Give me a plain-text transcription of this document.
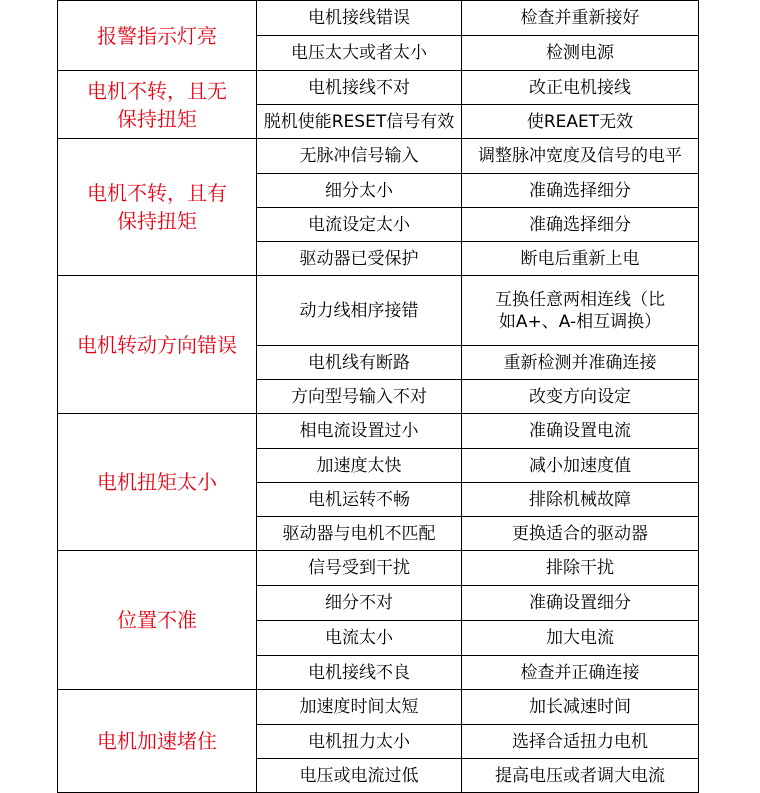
报警指示灯亮	电机接线错误	检查并重新接好
	电压太大或者太小	检测电源

电机不转，且无
保持扭矩	电机接线不对	改正电机接线
	脱机使能RESET信号有效	使REAET无效

电机不转，且有
保持扭矩	无脉冲信号输入	调整脉冲宽度及信号的电平
	细分太小	准确选择细分
	电流设定太小	准确选择细分
	驱动器已受保护	断电后重新上电
电机转动方向错误	动力线相序接错	互换任意两相连线（比
如A+、A-相互调换）

	电机线有断路	重新检测并准确连接
	方向型号输入不对	改变方向设定
电机扭矩太小	相电流设置过小	准确设置电流
	加速度太快	减小加速度值
	电机运转不畅	排除机械故障
	驱动器与电机不匹配	更换适合的驱动器
位置不准	信号受到干扰	排除干扰
	细分不对	准确设置细分
	电流太小	加大电流
	电机接线不良	检查并正确连接
电机加速堵住	加速度时间太短	加长减速时间
	电机扭力太小	选择合适扭力电机
	电压或电流过低	提高电压或者调大电流
